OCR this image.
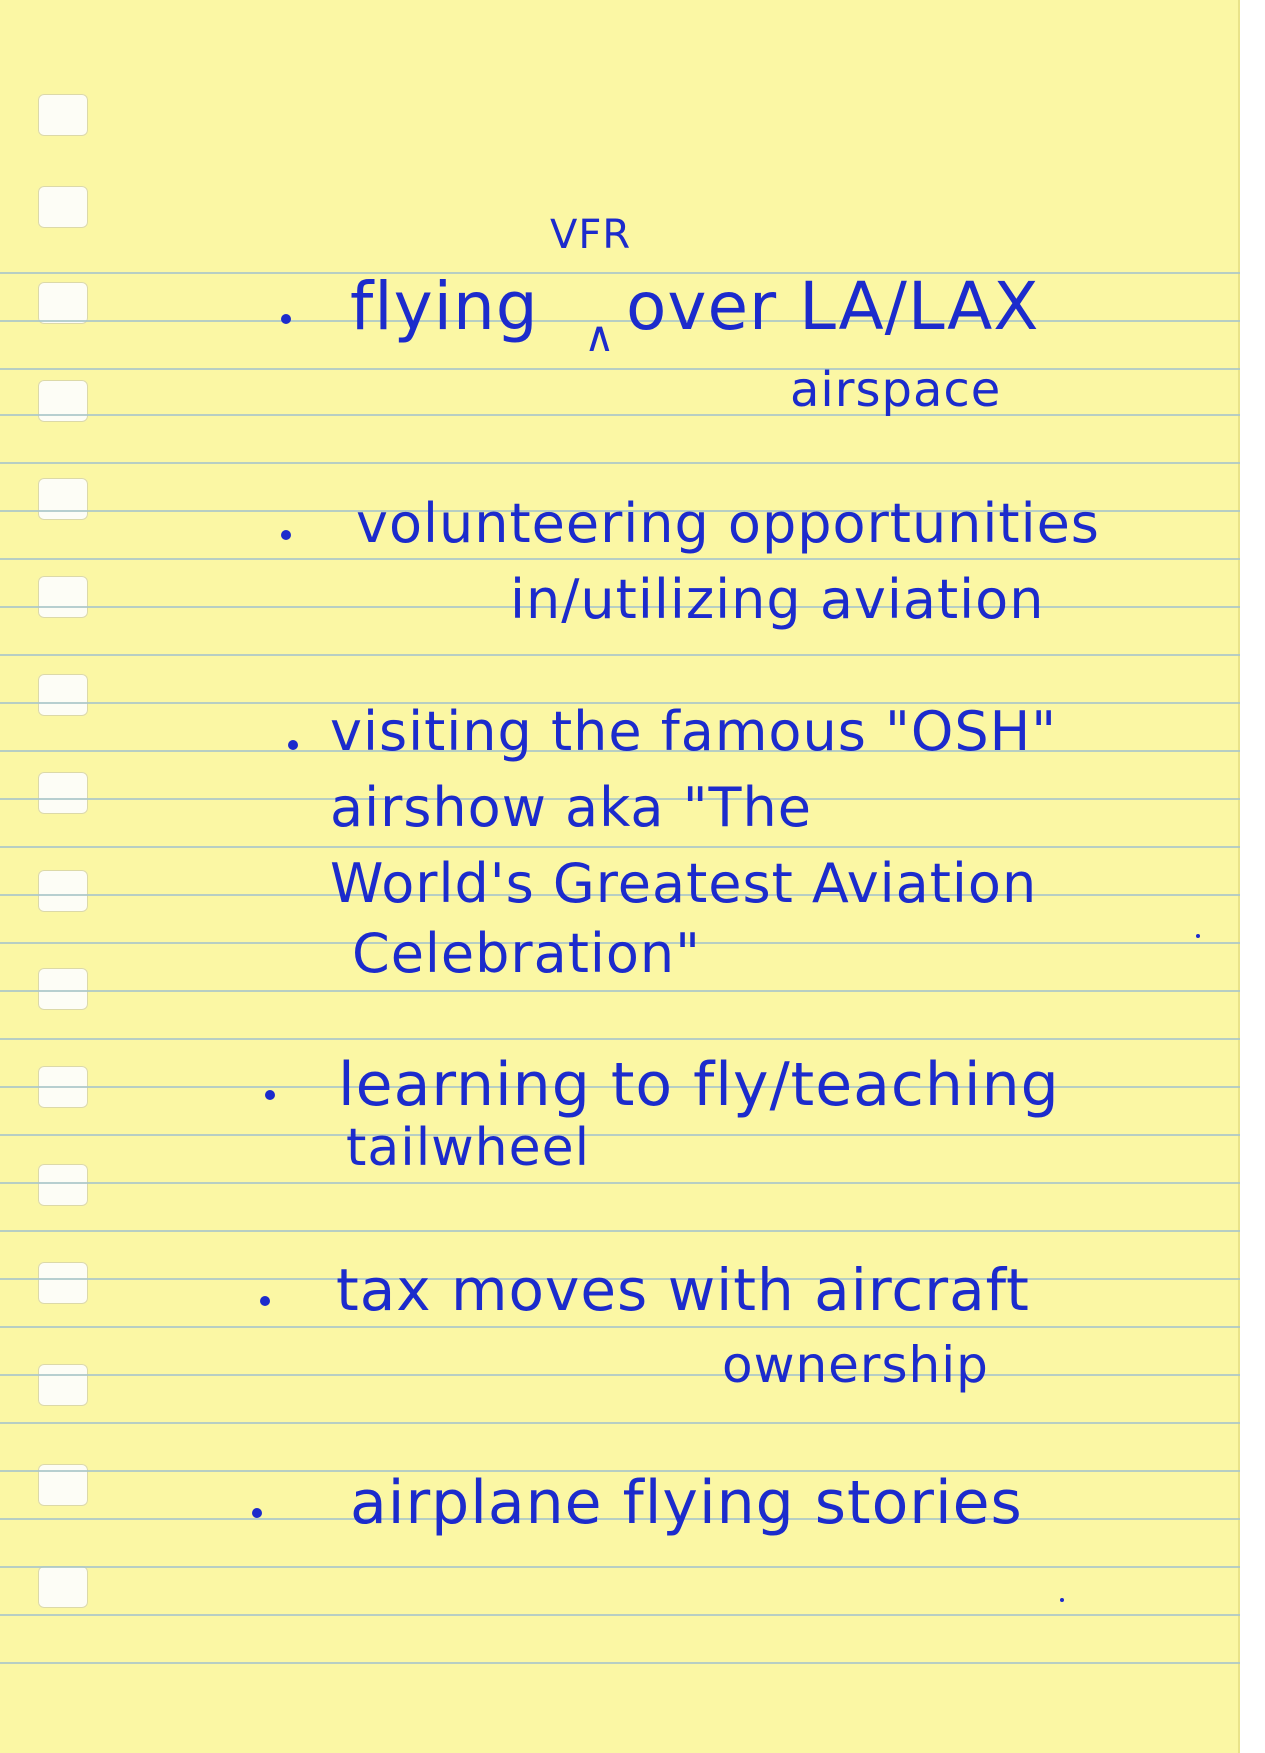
flying
VFR
∧ over LA/LAX
airspace
volunteering opportunities
in/utilizing aviation
visiting the famous "OSH"
airshow aka "The
World's Greatest Aviation
Celebration"
learning to fly/teaching
tailwheel
tax moves with aircraft
ownership
airplane flying stories
